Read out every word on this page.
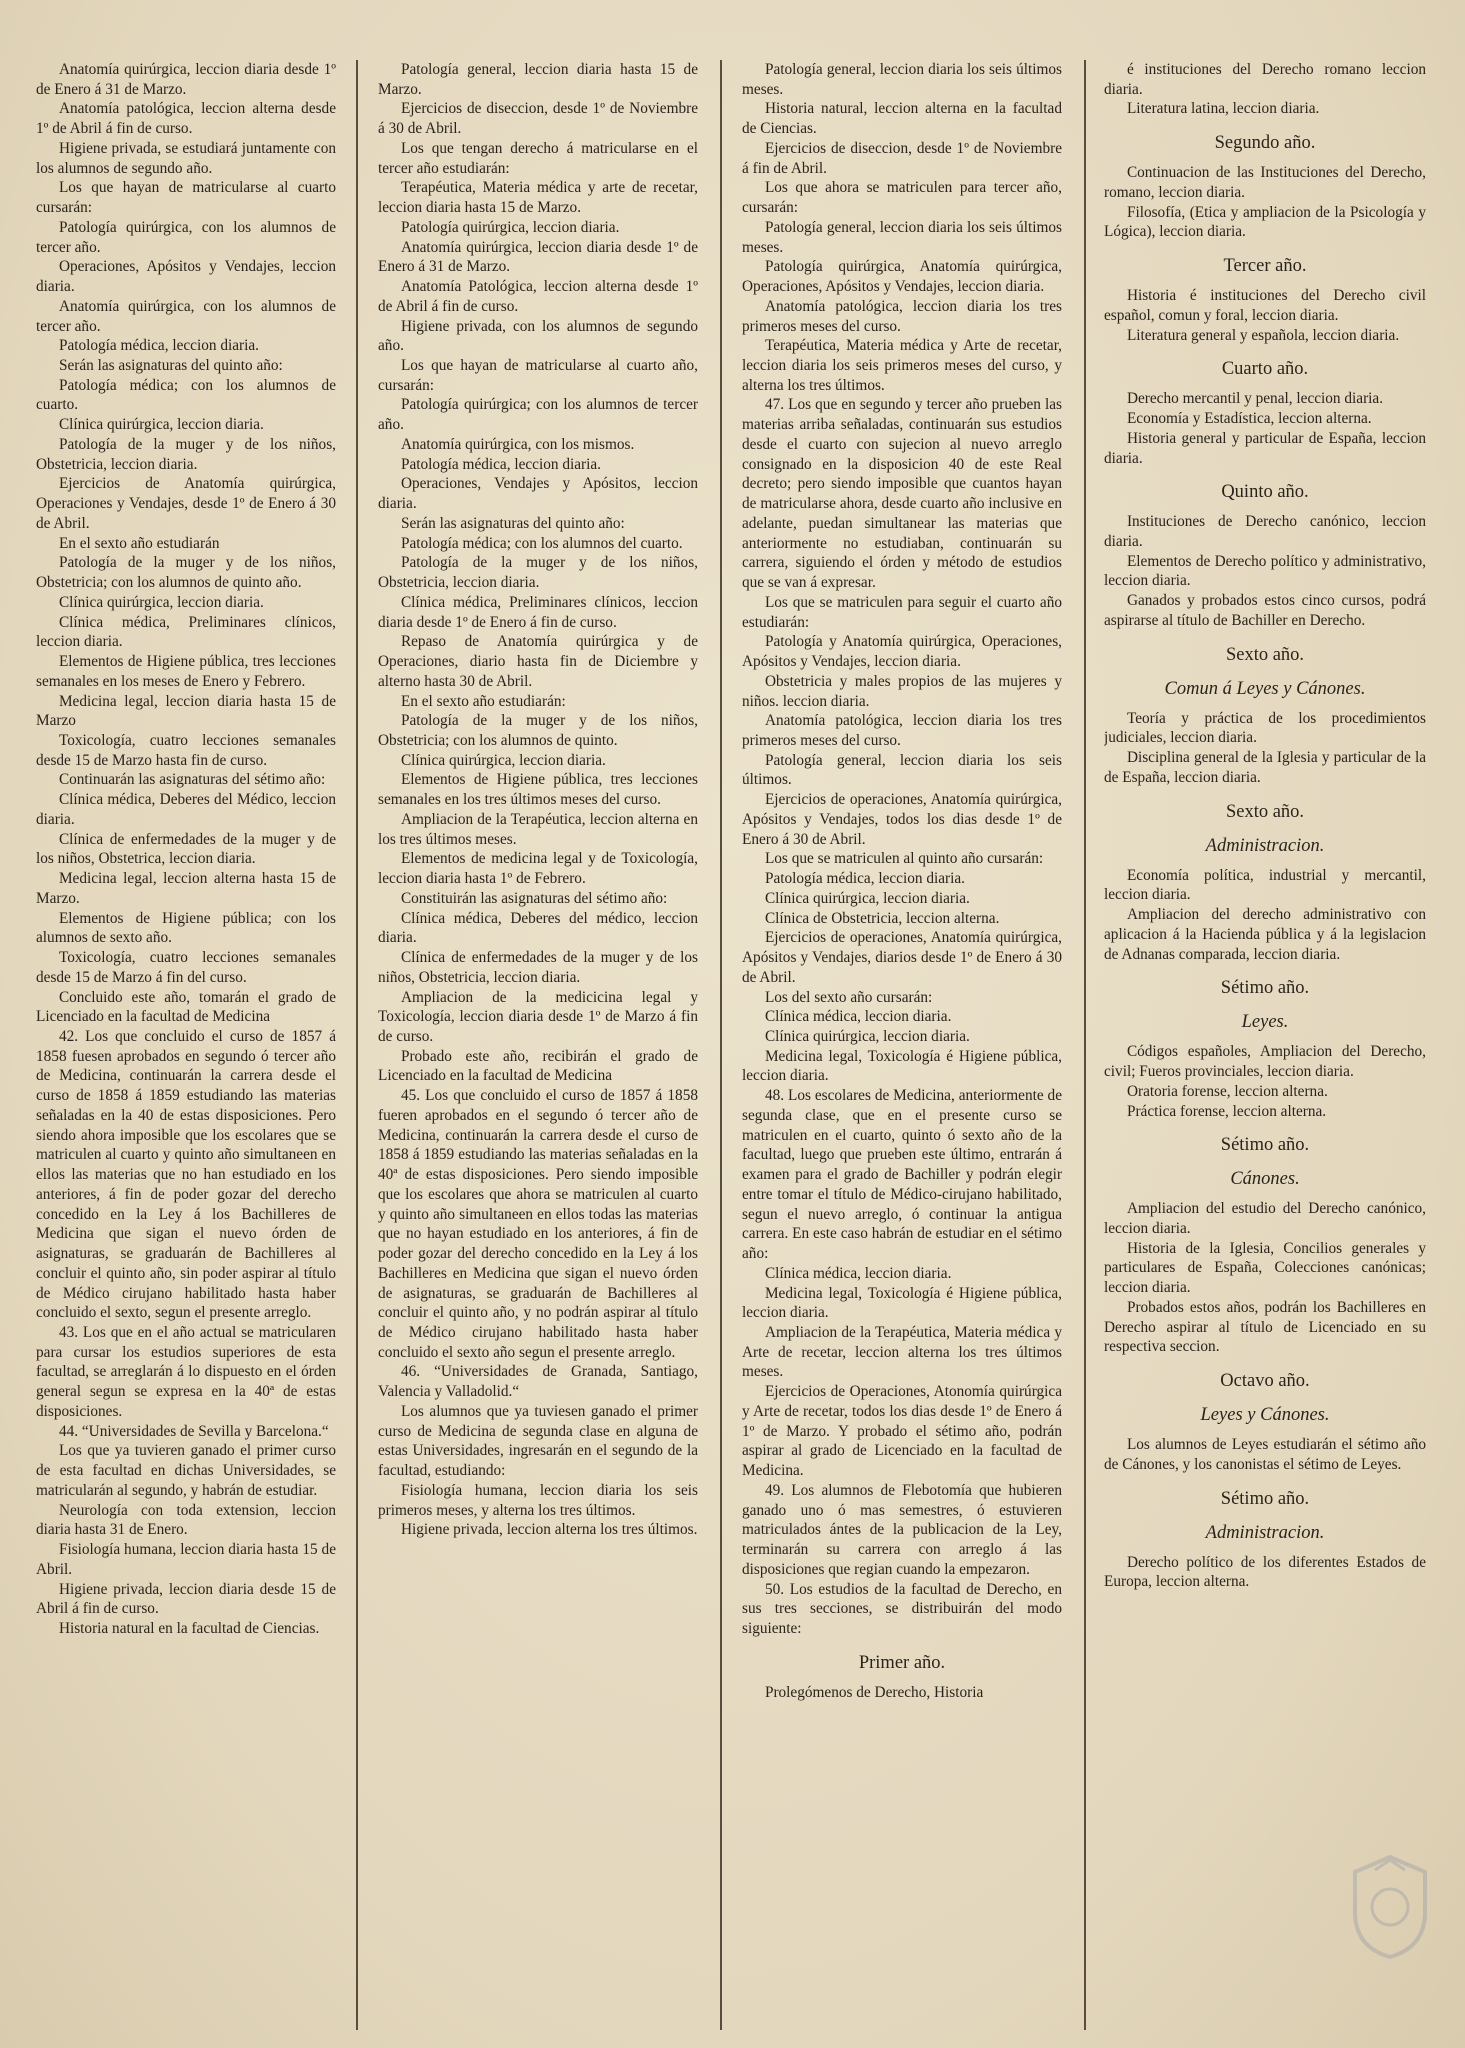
Anatomía quirúrgica, leccion diaria desde 1º de Enero á 31 de Marzo.
Anatomía patológica, leccion alterna desde 1º de Abril á fin de curso.
Higiene privada, se estudiará juntamente con los alumnos de segundo año.
Los que hayan de matricularse al cuarto cursarán:
Patología quirúrgica, con los alumnos de tercer año.
Operaciones, Apósitos y Vendajes, leccion diaria.
Anatomía quirúrgica, con los alumnos de tercer año.
Patología médica, leccion diaria.
Serán las asignaturas del quinto año:
Patología médica; con los alumnos de cuarto.
Clínica quirúrgica, leccion diaria.
Patología de la muger y de los niños, Obstetricia, leccion diaria.
Ejercicios de Anatomía quirúrgica, Operaciones y Vendajes, desde 1º de Enero á 30 de Abril.
En el sexto año estudiarán
Patología de la muger y de los niños, Obstetricia; con los alumnos de quinto año.
Clínica quirúrgica, leccion diaria.
Clínica médica, Preliminares clínicos, leccion diaria.
Elementos de Higiene pública, tres lecciones semanales en los meses de Enero y Febrero.
Medicina legal, leccion diaria hasta 15 de Marzo
Toxicología, cuatro lecciones semanales desde 15 de Marzo hasta fin de curso.
Continuarán las asignaturas del sétimo año:
Clínica médica, Deberes del Médico, leccion diaria.
Clínica de enfermedades de la muger y de los niños, Obstetrica, leccion diaria.
Medicina legal, leccion alterna hasta 15 de Marzo.
Elementos de Higiene pública; con los alumnos de sexto año.
Toxicología, cuatro lecciones semanales desde 15 de Marzo á fin del curso.
Concluido este año, tomarán el grado de Licenciado en la facultad de Medicina
42. Los que concluido el curso de 1857 á 1858 fuesen aprobados en segundo ó tercer año de Medicina, continuarán la carrera desde el curso de 1858 á 1859 estudiando las materias señaladas en la 40 de estas disposiciones. Pero siendo ahora imposible que los escolares que se matriculen al cuarto y quinto año simultaneen en ellos las materias que no han estudiado en los anteriores, á fin de poder gozar del derecho concedido en la Ley á los Bachilleres de Medicina que sigan el nuevo órden de asignaturas, se graduarán de Bachilleres al concluir el quinto año, sin poder aspirar al título de Médico cirujano habilitado hasta haber concluido el sexto, segun el presente arreglo.
43. Los que en el año actual se matricularen para cursar los estudios superiores de esta facultad, se arreglarán á lo dispuesto en el órden general segun se expresa en la 40ª de estas disposiciones.
44. “Universidades de Sevilla y Barcelona.“
Los que ya tuvieren ganado el primer curso de esta facultad en dichas Universidades, se matricularán al segundo, y habrán de estudiar.
Neurología con toda extension, leccion diaria hasta 31 de Enero.
Fisiología humana, leccion diaria hasta 15 de Abril.
Higiene privada, leccion diaria desde 15 de Abril á fin de curso.
Historia natural en la facultad de Ciencias.
Patología general, leccion diaria hasta 15 de Marzo.
Ejercicios de diseccion, desde 1º de Noviembre á 30 de Abril.
Los que tengan derecho á matricularse en el tercer año estudiarán:
Terapéutica, Materia médica y arte de recetar, leccion diaria hasta 15 de Marzo.
Patología quirúrgica, leccion diaria.
Anatomía quirúrgica, leccion diaria desde 1º de Enero á 31 de Marzo.
Anatomía Patológica, leccion alterna desde 1º de Abril á fin de curso.
Higiene privada, con los alumnos de segundo año.
Los que hayan de matricularse al cuarto año, cursarán:
Patología quirúrgica; con los alumnos de tercer año.
Anatomía quirúrgica, con los mismos.
Patología médica, leccion diaria.
Operaciones, Vendajes y Apósitos, leccion diaria.
Serán las asignaturas del quinto año:
Patología médica; con los alumnos del cuarto.
Patología de la muger y de los niños, Obstetricia, leccion diaria.
Clínica médica, Preliminares clínicos, leccion diaria desde 1º de Enero á fin de curso.
Repaso de Anatomía quirúrgica y de Operaciones, diario hasta fin de Diciembre y alterno hasta 30 de Abril.
En el sexto año estudiarán:
Patología de la muger y de los niños, Obstetricia; con los alumnos de quinto.
Clínica quirúrgica, leccion diaria.
Elementos de Higiene pública, tres lecciones semanales en los tres últimos meses del curso.
Ampliacion de la Terapéutica, leccion alterna en los tres últimos meses.
Elementos de medicina legal y de Toxicología, leccion diaria hasta 1º de Febrero.
Constituirán las asignaturas del sétimo año:
Clínica médica, Deberes del médico, leccion diaria.
Clínica de enfermedades de la muger y de los niños, Obstetricia, leccion diaria.
Ampliacion de la medicicina legal y Toxicología, leccion diaria desde 1º de Marzo á fin de curso.
Probado este año, recibirán el grado de Licenciado en la facultad de Medicina
45. Los que concluido el curso de 1857 á 1858 fueren aprobados en el segundo ó tercer año de Medicina, continuarán la carrera desde el curso de 1858 á 1859 estudiando las materias señaladas en la 40ª de estas disposiciones. Pero siendo imposible que los escolares que ahora se matriculen al cuarto y quinto año simultaneen en ellos todas las materias que no hayan estudiado en los anteriores, á fin de poder gozar del derecho concedido en la Ley á los Bachilleres en Medicina que sigan el nuevo órden de asignaturas, se graduarán de Bachilleres al concluir el quinto año, y no podrán aspirar al título de Médico cirujano habilitado hasta haber concluido el sexto año segun el presente arreglo.
46. “Universidades de Granada, Santiago, Valencia y Valladolid.“
Los alumnos que ya tuviesen ganado el primer curso de Medicina de segunda clase en alguna de estas Universidades, ingresarán en el segundo de la facultad, estudiando:
Fisiología humana, leccion diaria los seis primeros meses, y alterna los tres últimos.
Higiene privada, leccion alterna los tres últimos.
Patología general, leccion diaria los seis últimos meses.
Historia natural, leccion alterna en la facultad de Ciencias.
Ejercicios de diseccion, desde 1º de Noviembre á fin de Abril.
Los que ahora se matriculen para tercer año, cursarán:
Patología general, leccion diaria los seis últimos meses.
Patología quirúrgica, Anatomía quirúrgica, Operaciones, Apósitos y Vendajes, leccion diaria.
Anatomía patológica, leccion diaria los tres primeros meses del curso.
Terapéutica, Materia médica y Arte de recetar, leccion diaria los seis primeros meses del curso, y alterna los tres últimos.
47. Los que en segundo y tercer año prueben las materias arriba señaladas, continuarán sus estudios desde el cuarto con sujecion al nuevo arreglo consignado en la disposicion 40 de este Real decreto; pero siendo imposible que cuantos hayan de matricularse ahora, desde cuarto año inclusive en adelante, puedan simultanear las materias que anteriormente no estudiaban, continuarán su carrera, siguiendo el órden y método de estudios que se van á expresar.
Los que se matriculen para seguir el cuarto año estudiarán:
Patología y Anatomía quirúrgica, Operaciones, Apósitos y Vendajes, leccion diaria.
Obstetricia y males propios de las mujeres y niños. leccion diaria.
Anatomía patológica, leccion diaria los tres primeros meses del curso.
Patología general, leccion diaria los seis últimos.
Ejercicios de operaciones, Anatomía quirúrgica, Apósitos y Vendajes, todos los dias desde 1º de Enero á 30 de Abril.
Los que se matriculen al quinto año cursarán:
Patología médica, leccion diaria.
Clínica quirúrgica, leccion diaria.
Clínica de Obstetricia, leccion alterna.
Ejercicios de operaciones, Anatomía quirúrgica, Apósitos y Vendajes, diarios desde 1º de Enero á 30 de Abril.
Los del sexto año cursarán:
Clínica médica, leccion diaria.
Clínica quirúrgica, leccion diaria.
Medicina legal, Toxicología é Higiene pública, leccion diaria.
48. Los escolares de Medicina, anteriormente de segunda clase, que en el presente curso se matriculen en el cuarto, quinto ó sexto año de la facultad, luego que prueben este último, entrarán á examen para el grado de Bachiller y podrán elegir entre tomar el título de Médico-cirujano habilitado, segun el nuevo arreglo, ó continuar la antigua carrera. En este caso habrán de estudiar en el sétimo año:
Clínica médica, leccion diaria.
Medicina legal, Toxicología é Higiene pública, leccion diaria.
Ampliacion de la Terapéutica, Materia médica y Arte de recetar, leccion alterna los tres últimos meses.
Ejercicios de Operaciones, Atonomía quirúrgica y Arte de recetar, todos los dias desde 1º de Enero á 1º de Marzo. Y probado el sétimo año, podrán aspirar al grado de Licenciado en la facultad de Medicina.
49. Los alumnos de Flebotomía que hubieren ganado uno ó mas semestres, ó estuvieren matriculados ántes de la publicacion de la Ley, terminarán su carrera con arreglo á las disposiciones que regian cuando la empezaron.
50. Los estudios de la facultad de Derecho, en sus tres secciones, se distribuirán del modo siguiente:
Primer año.
Prolegómenos de Derecho, Historia
é instituciones del Derecho romano leccion diaria.
Literatura latina, leccion diaria.
Segundo año.
Continuacion de las Instituciones del Derecho, romano, leccion diaria.
Filosofía, (Etica y ampliacion de la Psicología y Lógica), leccion diaria.
Tercer año.
Historia é instituciones del Derecho civil español, comun y foral, leccion diaria.
Literatura general y española, leccion diaria.
Cuarto año.
Derecho mercantil y penal, leccion diaria.
Economía y Estadística, leccion alterna.
Historia general y particular de España, leccion diaria.
Quinto año.
Instituciones de Derecho canónico, leccion diaria.
Elementos de Derecho político y administrativo, leccion diaria.
Ganados y probados estos cinco cursos, podrá aspirarse al título de Bachiller en Derecho.
Sexto año.
Comun á Leyes y Cánones.
Teoría y práctica de los procedimientos judiciales, leccion diaria.
Disciplina general de la Iglesia y particular de la de España, leccion diaria.
Sexto año.
Administracion.
Economía política, industrial y mercantil, leccion diaria.
Ampliacion del derecho administrativo con aplicacion á la Hacienda pública y á la legislacion de Adnanas comparada, leccion diaria.
Sétimo año.
Leyes.
Códigos españoles, Ampliacion del Derecho, civil; Fueros provinciales, leccion diaria.
Oratoria forense, leccion alterna.
Práctica forense, leccion alterna.
Sétimo año.
Cánones.
Ampliacion del estudio del Derecho canónico, leccion diaria.
Historia de la Iglesia, Concilios generales y particulares de España, Colecciones canónicas; leccion diaria.
Probados estos años, podrán los Bachilleres en Derecho aspirar al título de Licenciado en su respectiva seccion.
Octavo año.
Leyes y Cánones.
Los alumnos de Leyes estudiarán el sétimo año de Cánones, y los canonistas el sétimo de Leyes.
Sétimo año.
Administracion.
Derecho político de los diferentes Estados de Europa, leccion alterna.
